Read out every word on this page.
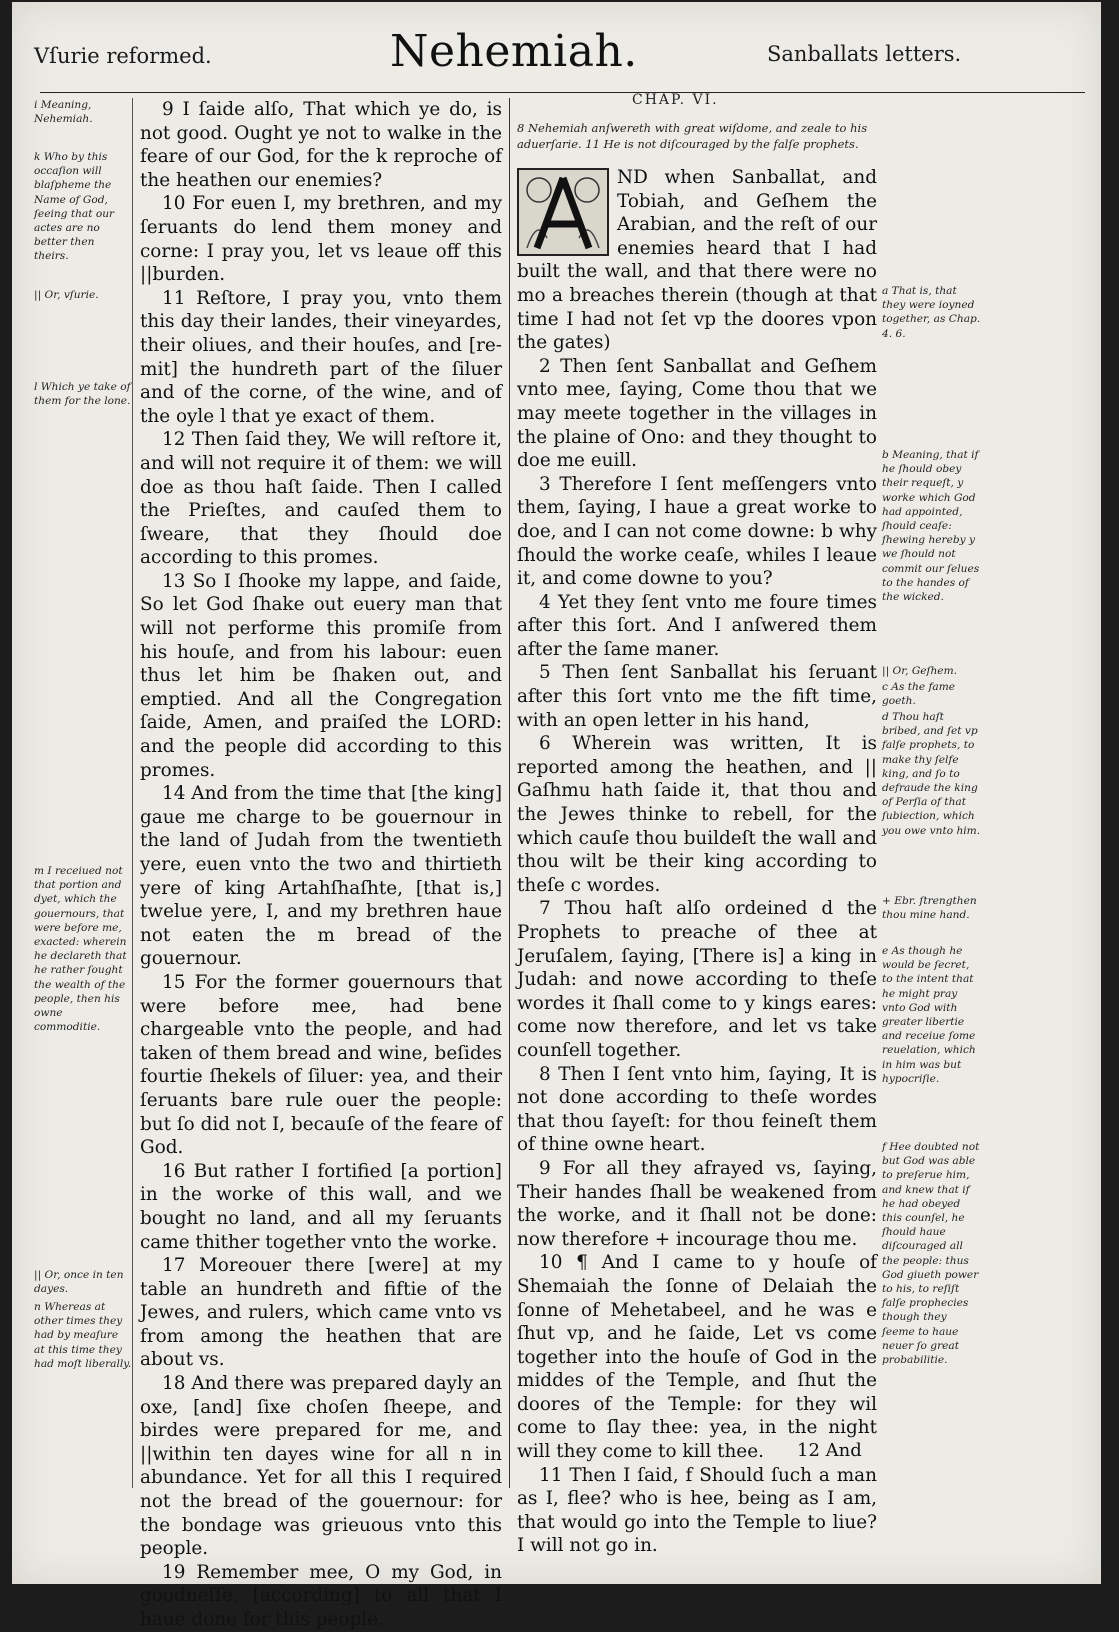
Vſurie reformed.	Nehemiah.	Sanballats letters.
i Meaning, Nehemiah.
k Who by this occaſion will blaſpheme the Name of God, ſeeing that our actes are no better then theirs.
|| Or, vſurie.
l Which ye take of them for the lone.
m I receiued not that portion and dyet, which the gouernours, that were before me, exacted: wherein he declareth that he rather ſought the wealth of the people, then his owne commoditie.
|| Or, once in ten dayes.
n Whereas at other times they had by meaſure at this time they had moſt liberally.

9 I ſaide alſo, That which ye do, is not good. Ought ye not to walke in the feare of our God, for the k reproche of the heathen our enemies?

10 For euen I, my brethren, and my ſeruants do lend them money and corne: I pray you, let vs leaue off this ||burden.

11 Reſtore, I pray you, vnto them this day their landes, their vineyardes, their oliues, and their houſes, and [re-mit] the hundreth part of the ſiluer and of the corne, of the wine, and of the oyle l that ye exact of them.

12 Then ſaid they, We will reſtore it, and will not require it of them: we will doe as thou haſt ſaide. Then I called the Prieſtes, and cauſed them to ſweare, that they ſhould doe according to this promes.

13 So I ſhooke my lappe, and ſaide, So let God ſhake out euery man that will not performe this promiſe from his houſe, and from his labour: euen thus let him be ſhaken out, and emptied. And all the Congregation ſaide, Amen, and praiſed the LORD: and the people did according to this promes.

14 And from the time that [the king] gaue me charge to be gouernour in the land of Judah from the twentieth yere, euen vnto the two and thirtieth yere of king Artahſhaſhte, [that is,] twelue yere, I, and my brethren haue not eaten the m bread of the gouernour.

15 For the former gouernours that were before mee, had bene chargeable vnto the people, and had taken of them bread and wine, beſides fourtie ſhekels of ſiluer: yea, and their ſeruants bare rule ouer the people: but ſo did not I, becauſe of the feare of God.

16 But rather I fortified [a portion] in the worke of this wall, and we bought no land, and all my ſeruants came thither together vnto the worke.

17 Moreouer there [were] at my table an hundreth and fiftie of the Jewes, and rulers, which came vnto vs from among the heathen that are about vs.

18 And there was prepared dayly an oxe, [and] ſixe choſen ſheepe, and birdes were prepared for me, and ||within ten dayes wine for all n in abundance. Yet for all this I required not the bread of the gouernour: for the bondage was grieuous vnto this people.

19 Remember mee, O my God, in goodneſſe, [according] to all that I haue done for this people.

CHAP. VI.
8 Nehemiah anſwereth with great wiſdome, and zeale to his aduerſarie. 11 He is not diſcouraged by the falſe prophets.

ND when Sanballat, and Tobiah, and Geſhem the Arabian, and the reſt of our enemies heard that I had built the wall, and that there were no mo a breaches therein (though at that time I had not ſet vp the doores vpon the gates)

2 Then ſent Sanballat and Geſhem vnto mee, ſaying, Come thou that we may meete together in the villages in the plaine of Ono: and they thought to doe me euill.

3 Therefore I ſent meſſengers vnto them, ſaying, I haue a great worke to doe, and I can not come downe: b why ſhould the worke ceaſe, whiles I leaue it, and come downe to you?

4 Yet they ſent vnto me foure times after this ſort. And I anſwered them after the ſame maner.

5 Then ſent Sanballat his ſeruant after this ſort vnto me the fift time, with an open letter in his hand,

6 Wherein was written, It is reported among the heathen, and || Gaſhmu hath ſaide it, that thou and the Jewes thinke to rebell, for the which cauſe thou buildeſt the wall and thou wilt be their king according to theſe c wordes.

7 Thou haſt alſo ordeined d the Prophets to preache of thee at Jeruſalem, ſaying, [There is] a king in Judah: and nowe according to theſe wordes it ſhall come to y kings eares: come now therefore, and let vs take counſell together.

8 Then I ſent vnto him, ſaying, It is not done according to theſe wordes that thou ſayeſt: for thou feineſt them of thine owne heart.

9 For all they afrayed vs, ſaying, Their handes ſhall be weakened from the worke, and it ſhall not be done: now therefore + incourage thou me.

10 ¶ And I came to y houſe of Shemaiah the ſonne of Delaiah the ſonne of Mehetabeel, and he was e ſhut vp, and he ſaide, Let vs come together into the houſe of God in the middes of the Temple, and ſhut the doores of the Temple: for they wil come to ſlay thee: yea, in the night will they come to kill thee.

11 Then I ſaid, f Should ſuch a man as I, flee? who is hee, being as I am, that would go into the Temple to liue? I will not go in.

a That is, that they were ioyned together, as Chap. 4. 6.
b Meaning, that if he ſhould obey their requeſt, y worke which God had appointed, ſhould ceaſe: ſhewing hereby y we ſhould not commit our ſelues to the handes of the wicked.
|| Or, Geſhem.
c As the fame goeth.
d Thou haſt bribed, and ſet vp falſe prophets, to make thy ſelfe king, and ſo to defraude the king of Perſia of that ſubiection, which you owe vnto him.
+ Ebr. ſtrengthen thou mine hand.
e As though he would be ſecret, to the intent that he might pray vnto God with greater libertie and receiue ſome reuelation, which in him was but hypocriſie.
f Hee doubted not but God was able to preſerue him, and knew that if he had obeyed this counſel, he ſhould haue diſcouraged all the people: thus God giueth power to his, to reſiſt falſe prophecies though they ſeeme to haue neuer ſo great probabilitie.
12 And
